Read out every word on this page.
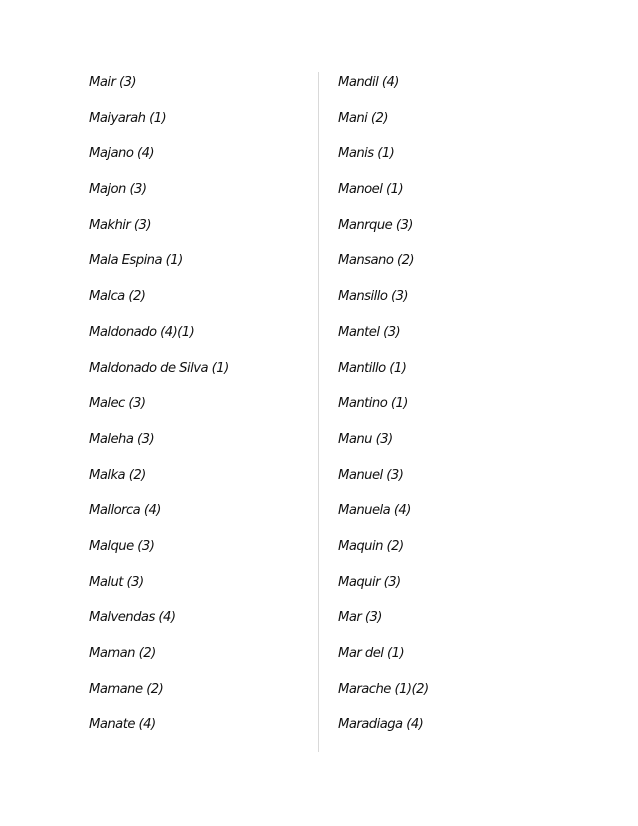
Mair (3)
Maiyarah (1)
Majano (4)
Majon (3)
Makhir (3)
Mala Espina (1)
Malca (2)
Maldonado (4)(1)
Maldonado de Silva (1)
Malec (3)
Maleha (3)
Malka (2)
Mallorca (4)
Malque (3)
Malut (3)
Malvendas (4)
Maman (2)
Mamane (2)
Manate (4)
Mandil (4)
Mani (2)
Manis (1)
Manoel (1)
Manrque (3)
Mansano (2)
Mansillo (3)
Mantel (3)
Mantillo (1)
Mantino (1)
Manu (3)
Manuel (3)
Manuela (4)
Maquin (2)
Maquir (3)
Mar (3)
Mar del (1)
Marache (1)(2)
Maradiaga (4)
